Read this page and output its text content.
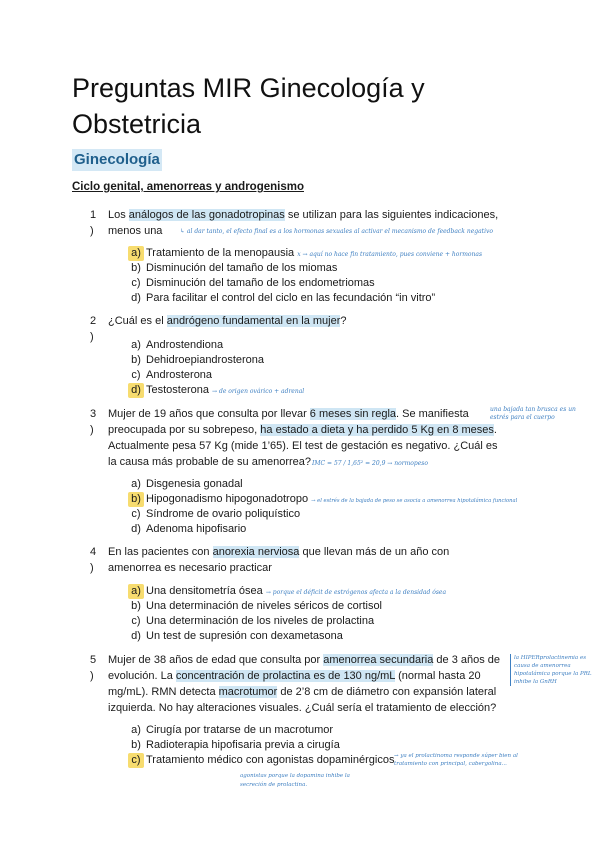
Preguntas MIR Ginecología y Obstetricia
Ginecología
Ciclo genital, amenorreas y androgenismo
1 )
Los análogos de las gonadotropinas se utilizan para las siguientes indicaciones, menos una	↳ al dar tanto, el efecto final es a los hormonas sexuales al activar el mecanismo de feedback negativo
a) Tratamiento de la menopausia x → aquí no hace fin tratamiento, pues conviene + hormonas
b) Disminución del tamaño de los miomas
c) Disminución del tamaño de los endometriomas
d) Para facilitar el control del ciclo en las fecundación “in vitro”
2 )
¿Cuál es el andrógeno fundamental en la mujer?
a) Androstendiona
b) Dehidroepiandrosterona
c) Androsterona
d) Testosterona → de origen ovárico + adrenal
3 )
Mujer de 19 años que consulta por llevar 6 meses sin regla. Se manifiesta preocupada por su sobrepeso, ha estado a dieta y ha perdido 5 Kg en 8 meses. Actualmente pesa 57 Kg (mide 1’65). El test de gestación es negativo. ¿Cuál es la causa más probable de su amenorrea?
una bajada tan brusca es un estrés para el cuerpo
IMC = 57 / 1,65² = 20,9 → normopeso
a) Disgenesia gonadal
b) Hipogonadismo hipogonadotropo → el estrés de la bajada de peso se asocia a amenorrea hipotalámica funcional
c) Síndrome de ovario poliquístico
d) Adenoma hipofisario
4 )
En las pacientes con anorexia nerviosa que llevan más de un año con amenorrea es necesario practicar
a) Una densitometría ósea → porque el déficit de estrógenos afecta a la densidad ósea
b) Una determinación de niveles séricos de cortisol
c) Una determinación de los niveles de prolactina
d) Un test de supresión con dexametasona
5 )
Mujer de 38 años de edad que consulta por amenorrea secundaria de 3 años de evolución. La concentración de prolactina es de 130 ng/mL (normal hasta 20 mg/mL). RMN detecta macrotumor de 2’8 cm de diámetro con expansión lateral izquierda. No hay alteraciones visuales. ¿Cuál sería el tratamiento de elección?
la HIPERprolactinemia es causa de amenorrea hipotalámica porque la PRL inhibe la GnRH
a) Cirugía por tratarse de un macrotumor
b) Radioterapia hipofisaria previa a cirugía
c) Tratamiento médico con agonistas dopaminérgicos → ya el prolactinoma responde súper bien al tratamiento con principal, cabergolina...
agonistas porque la dopamina inhibe la secreción de prolactina.
